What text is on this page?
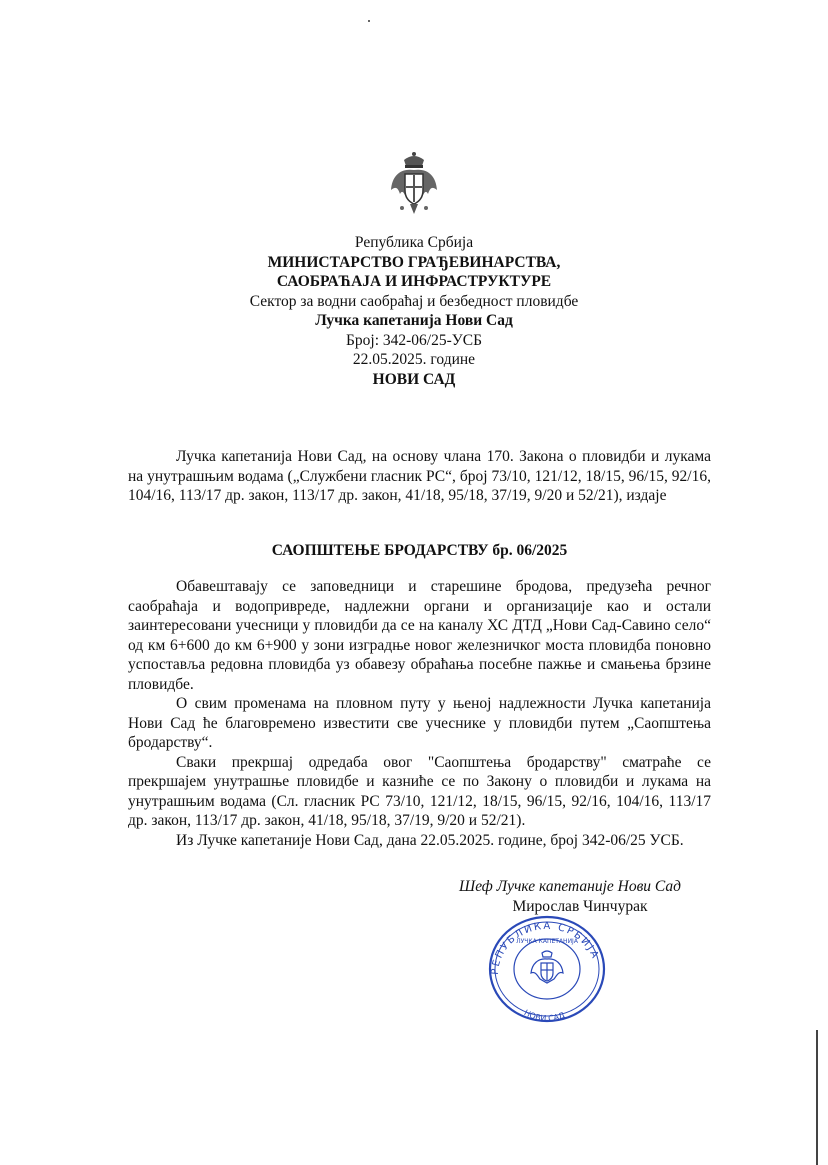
Република Србија
МИНИСТАРСТВО ГРАЂЕВИНАРСТВА,
САОБРАЋАЈА И ИНФРАСТРУКТУРЕ
Сектор за водни саобраћај и безбедност пловидбе
Лучка капетанија Нови Сад
Број: 342-06/25-УСБ
22.05.2025. године
НОВИ САД

Лучка капетанија Нови Сад, на основу члана 170. Закона о пловидби и лукама на унутрашњим водама („Службени гласник РС“, број 73/10, 121/12, 18/15, 96/15, 92/16, 104/16, 113/17 др. закон, 113/17 др. закон, 41/18, 95/18, 37/19, 9/20 и 52/21), издаје

САОПШТЕЊЕ БРОДАРСТВУ бр. 06/2025

Обавештавају се заповедници и старешине бродова, предузећа речног саобраћаја и водопривреде, надлежни органи и организације као и остали заинтересовани учесници у пловидби да се на каналу ХС ДТД „Нови Сад-Савино село“ од км 6+600 до км 6+900 у зони изградње новог железничког моста пловидба поновно успоставља редовна пловидба уз обавезу обраћања посебне пажње и смањења брзине пловидбе.

О свим променама на пловном путу у њеној надлежности Лучка капетанија Нови Сад ће благовремено известити све учеснике у пловидби путем „Саопштења бродарству“.

Сваки прекршај одредаба овог "Саопштења бродарству" сматраће се прекршајем унутрашње пловидбе и казниће се по Закону о пловидби и лукама на унутрашњим водама (Сл. гласник РС 73/10, 121/12, 18/15, 96/15, 92/16, 104/16, 113/17 др. закон, 113/17 др. закон, 41/18, 95/18, 37/19, 9/20 и 52/21).

Из Лучке капетаније Нови Сад, дана 22.05.2025. године, број 342-06/25 УСБ.

Шеф Лучке капетаније Нови Сад
Мирослав Чинчурак
РЕПУБЛИКА СРБИЈА
НОВИ САД
ЛУЧКА КАПЕТАНИЈА
